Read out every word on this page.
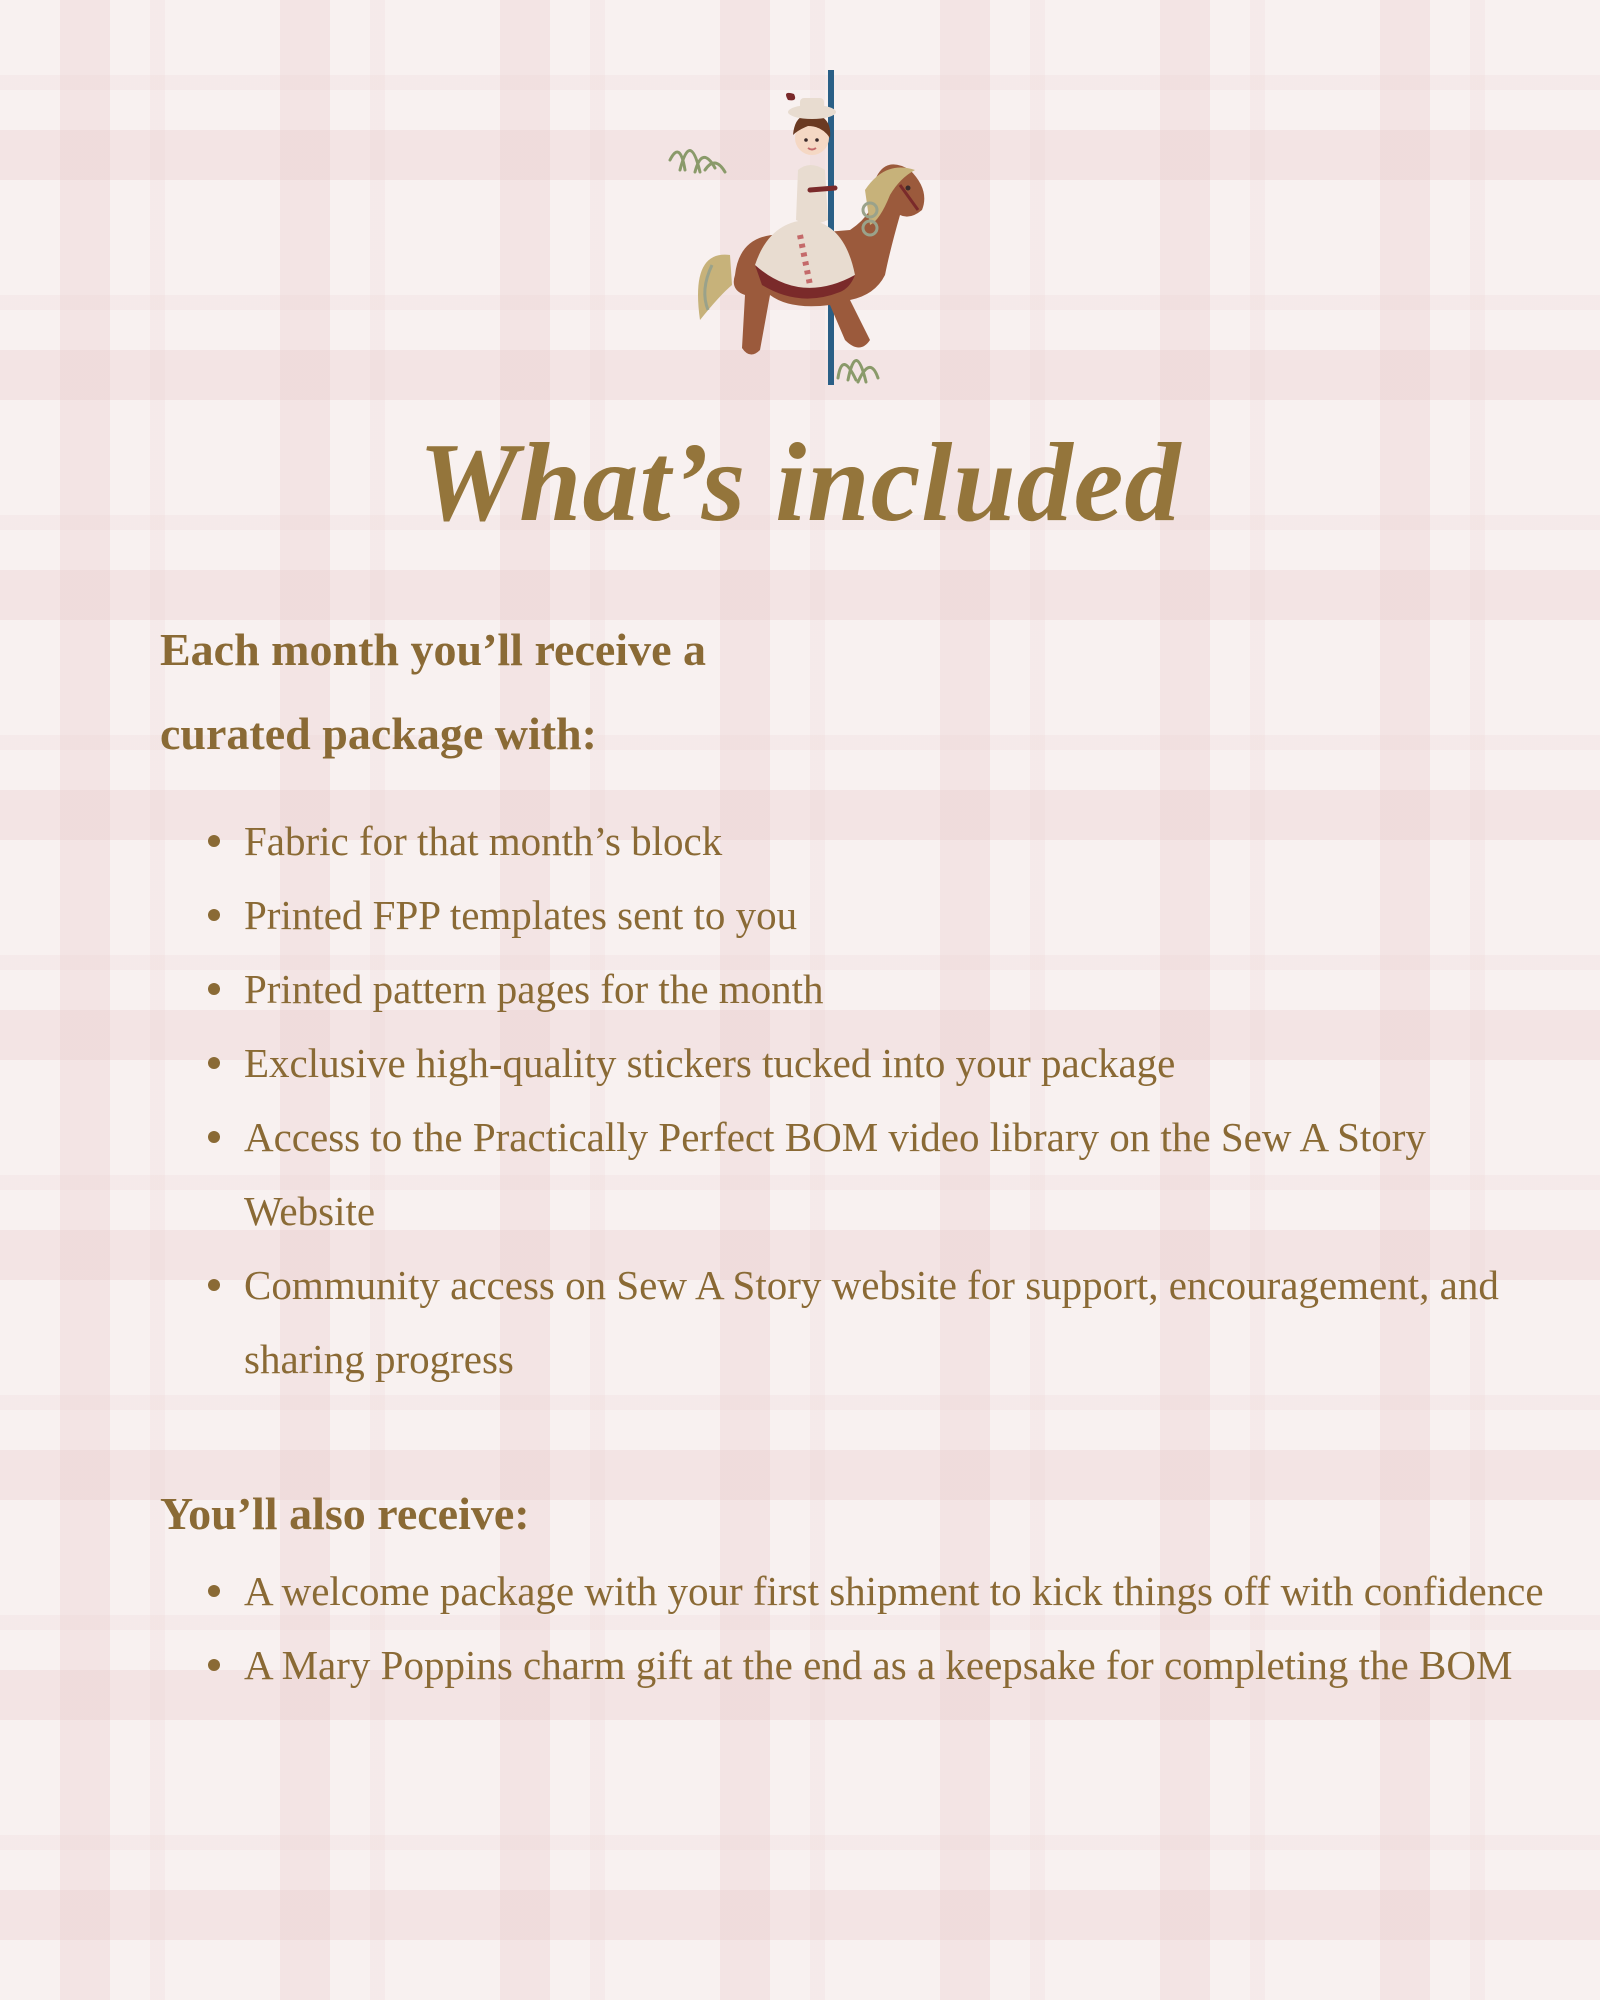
What’s included

Each month you’ll receive a
curated package with:

Fabric for that month’s block
Printed FPP templates sent to you
Printed pattern pages for the month
Exclusive high-quality stickers tucked into your package
Access to the Practically Perfect BOM video library on the Sew A Story Website
Community access on Sew A Story website for support, encouragement, and sharing progress
You’ll also receive:
A welcome package with your first shipment to kick things off with confidence
A Mary Poppins charm gift at the end as a keepsake for completing the BOM
